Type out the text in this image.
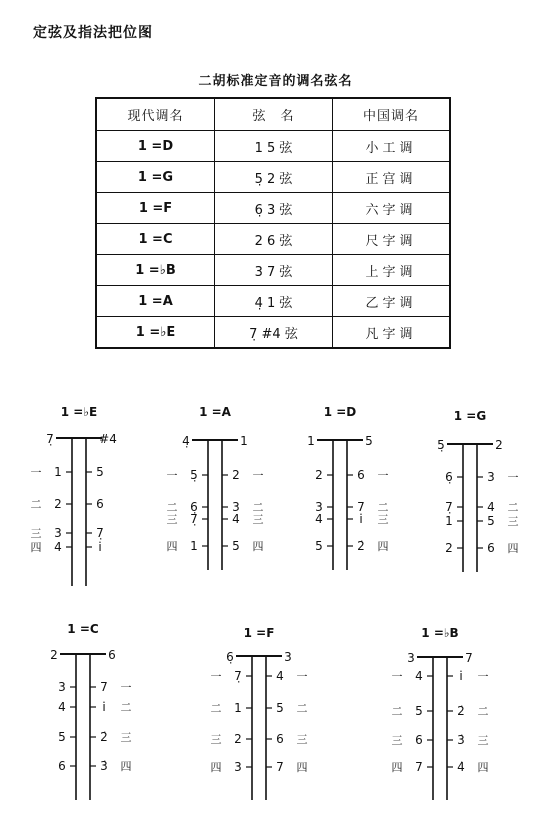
定弦及指法把位图
二胡标准定音的调名弦名
现代调名	弦　名	中国调名
1 =D	1 5 弦	小工调
1 =G	5̣ 2 弦	正宫调
1 =F	6̣ 3 弦	六字调
1 =C	2 6 弦	尺字调
1 =♭B	3 7 弦	上字调
1 =A	4̣ 1 弦	乙字调
1 =♭E	7̣ #4 弦	凡字调
1 =♭E
7̣	#4
1	5
一
2	6
二
3	7̣
三
4	i̇
四
1 =A
4̣	1
5̣	2
一	一
6̣	3
二	二
7̣	4
三	三
1	5
四	四
1 =D
1	5
2	6 一
3	7 二
4	i̇ 三
5	2̇ 四
1 =G
5̣	2
6̣	3 一
7̣	4 二
1	5 三
2	6 四
1 =C
2	6
3	7 一
4	i̇ 二
5	2̇ 三
6	3̇ 四
1 =F
6̣	3
7̣	4
一	一
1	5
二	二
2	6
三	三
3	7
四	四
1 =♭B
3	7
4	i̇
一	一
5	2̇
二	二
6	3̇
三	三
7	4̇
四	四
